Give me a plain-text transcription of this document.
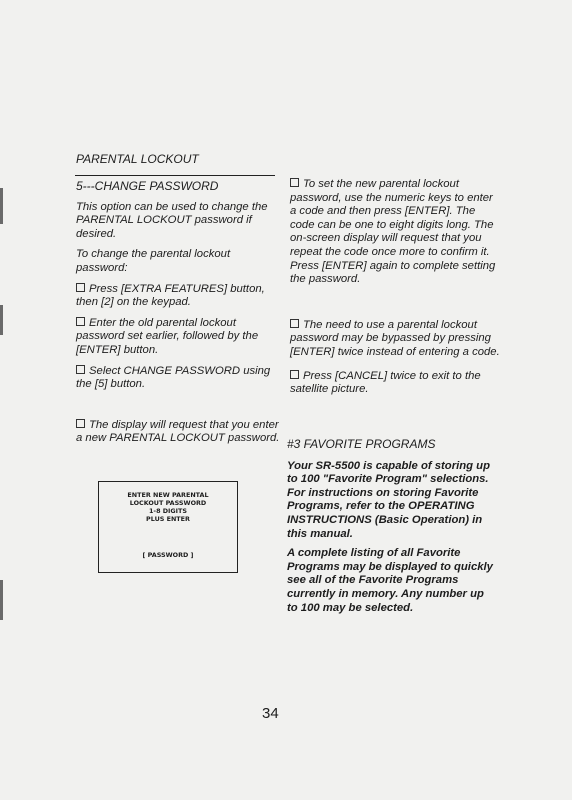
PARENTAL LOCKOUT

5---CHANGE PASSWORD

This option can be used to change the PARENTAL LOCKOUT password if desired.

To change the parental lockout password:

Press [EXTRA FEATURES] button, then [2] on the keypad.

Enter the old parental lockout password set earlier, followed by the [ENTER] button.

Select CHANGE PASSWORD using the [5] button.

The display will request that you enter a new PARENTAL LOCKOUT password.

ENTER NEW PARENTAL
LOCKOUT PASSWORD
1-8 DIGITS
PLUS ENTER
[ PASSWORD ]

To set the new parental lockout password, use the numeric keys to enter a code and then press [ENTER]. The code can be one to eight digits long. The on-screen display will request that you repeat the code once more to confirm it. Press [ENTER] again to complete setting the password.

The need to use a parental lockout password may be bypassed by pressing [ENTER] twice instead of entering a code.

Press [CANCEL] twice to exit to the satellite picture.

#3 FAVORITE PROGRAMS

Your SR-5500 is capable of storing up to 100 "Favorite Program" selections. For instructions on storing Favorite Programs, refer to the OPERATING INSTRUCTIONS (Basic Operation) in this manual.

A complete listing of all Favorite Programs may be displayed to quickly see all of the Favorite Programs currently in memory. Any number up to 100 may be selected.

34
